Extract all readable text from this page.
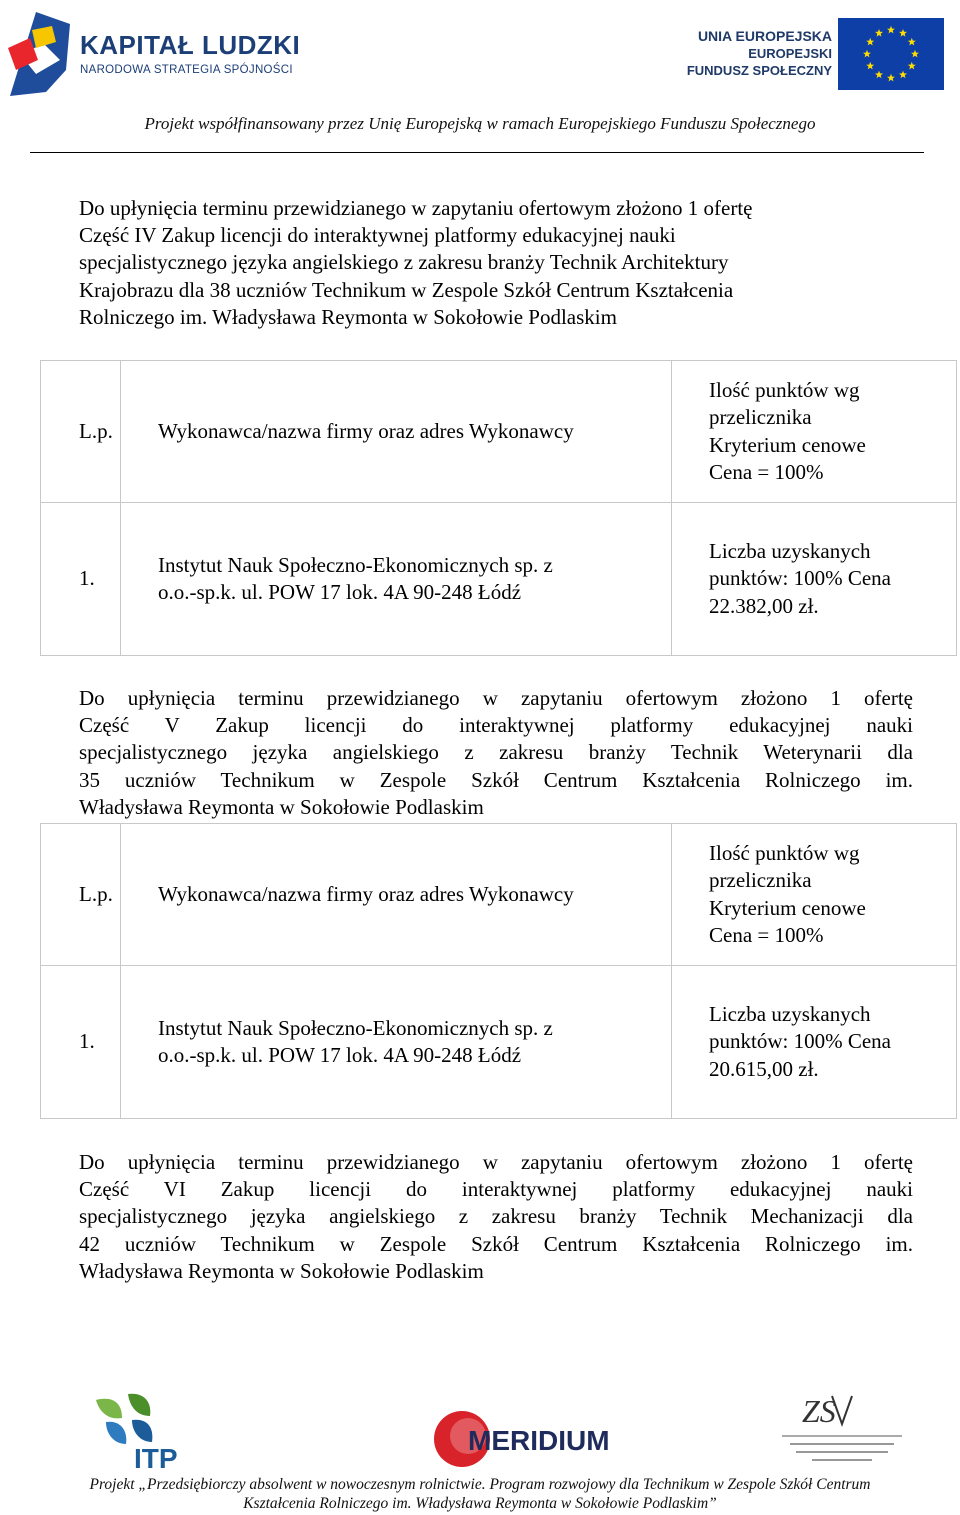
KAPITAŁ LUDZKI
NARODOWA STRATEGIA SPÓJNOŚCI
UNIA EUROPEJSKA
EUROPEJSKI
FUNDUSZ SPOŁECZNY
Projekt współfinansowany przez Unię Europejską w ramach Europejskiego Funduszu Społecznego
Do upłynięcia terminu przewidzianego w zapytaniu ofertowym złożono 1 ofertę
Część IV Zakup licencji do interaktywnej platformy edukacyjnej nauki
specjalistycznego języka angielskiego z zakresu branży Technik Architektury
Krajobrazu dla 38 uczniów Technikum w Zespole Szkół Centrum Kształcenia
Rolniczego im. Władysława Reymonta w Sokołowie Podlaskim
L.p.	Wykonawca/nazwa firmy oraz adres Wykonawcy	Ilość punktów wg
przelicznika
Kryterium cenowe
Cena = 100%

1.	Instytut Nauk Społeczno-Ekonomicznych sp. z
o.o.-sp.k. ul. POW 17 lok. 4A 90-248 Łódź	Liczba uzyskanych
punktów: 100% Cena
22.382,00 zł.
Do upłynięcia terminu przewidzianego w zapytaniu ofertowym złożono 1 ofertę
Część V Zakup licencji do interaktywnej platformy edukacyjnej nauki
specjalistycznego języka angielskiego z zakresu branży Technik Weterynarii dla
35 uczniów Technikum w Zespole Szkół Centrum Kształcenia Rolniczego im.
Władysława Reymonta w Sokołowie Podlaskim
L.p.	Wykonawca/nazwa firmy oraz adres Wykonawcy	Ilość punktów wg
przelicznika
Kryterium cenowe
Cena = 100%

1.	Instytut Nauk Społeczno-Ekonomicznych sp. z
o.o.-sp.k. ul. POW 17 lok. 4A 90-248 Łódź	Liczba uzyskanych
punktów: 100% Cena
20.615,00 zł.
Do upłynięcia terminu przewidzianego w zapytaniu ofertowym złożono 1 ofertę
Część VI Zakup licencji do interaktywnej platformy edukacyjnej nauki
specjalistycznego języka angielskiego z zakresu branży Technik Mechanizacji dla
42 uczniów Technikum w Zespole Szkół Centrum Kształcenia Rolniczego im.
Władysława Reymonta w Sokołowie Podlaskim
ITP
MERIDIUM
ZS
Projekt „Przedsiębiorczy absolwent w nowoczesnym rolnictwie. Program rozwojowy dla Technikum w Zespole Szkół Centrum
Kształcenia Rolniczego im. Władysława Reymonta w Sokołowie Podlaskim”
